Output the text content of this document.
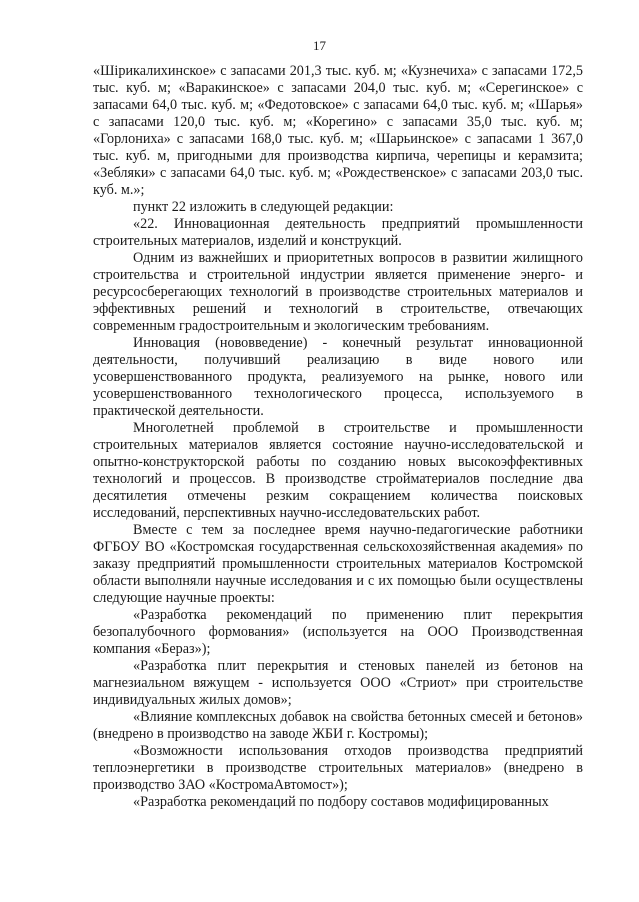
17

«Шірикалихинское» с запасами 201,3 тыс. куб. м; «Кузнечиха» с запасами 172,5 тыс. куб. м; «Варакинское» с запасами 204,0 тыс. куб. м; «Серегинское» с запасами 64,0 тыс. куб. м; «Федотовское» с запасами 64,0 тыс. куб. м; «Шарья» с запасами 120,0 тыс. куб. м; «Корегино» с запасами 35,0 тыс. куб. м; «Горлониха» с запасами 168,0 тыс. куб. м; «Шарьинское» с запасами 1 367,0 тыс. куб. м, пригодными для производства кирпича, черепицы и керамзита; «Зебляки» с запасами 64,0 тыс. куб. м; «Рождественское» с запасами 203,0 тыс. куб. м.»;

пункт 22 изложить в следующей редакции:

«22. Инновационная деятельность предприятий промышленности строительных материалов, изделий и конструкций.

Одним из важнейших и приоритетных вопросов в развитии жилищного строительства и строительной индустрии является применение энерго- и ресурсосберегающих технологий в производстве строительных материалов и эффективных решений и технологий в строительстве, отвечающих современным градостроительным и экологическим требованиям.

Инновация (нововведение) - конечный результат инновационной деятельности, получивший реализацию в виде нового или усовершенствованного продукта, реализуемого на рынке, нового или усовершенствованного технологического процесса, используемого в практической деятельности.

Многолетней проблемой в строительстве и промышленности строительных материалов является состояние научно-исследовательской и опытно-конструкторской работы по созданию новых высокоэффективных технологий и процессов. В производстве стройматериалов последние два десятилетия отмечены резким сокращением количества поисковых исследований, перспективных научно-исследовательских работ.

Вместе с тем за последнее время научно-педагогические работники ФГБОУ ВО «Костромская государственная сельскохозяйственная академия» по заказу предприятий промышленности строительных материалов Костромской области выполняли научные исследования и с их помощью были осуществлены следующие научные проекты:

«Разработка рекомендаций по применению плит перекрытия безопалубочного формования» (используется на ООО Производственная компания «Бераз»);

«Разработка плит перекрытия и стеновых панелей из бетонов на магнезиальном вяжущем - используется ООО «Стриот» при строительстве индивидуальных жилых домов»;

«Влияние комплексных добавок на свойства бетонных смесей и бетонов» (внедрено в производство на заводе ЖБИ г. Костромы);

«Возможности использования отходов производства предприятий теплоэнергетики в производстве строительных материалов» (внедрено в производство ЗАО «КостромаАвтомост»);

«Разработка рекомендаций по подбору составов модифицированных
